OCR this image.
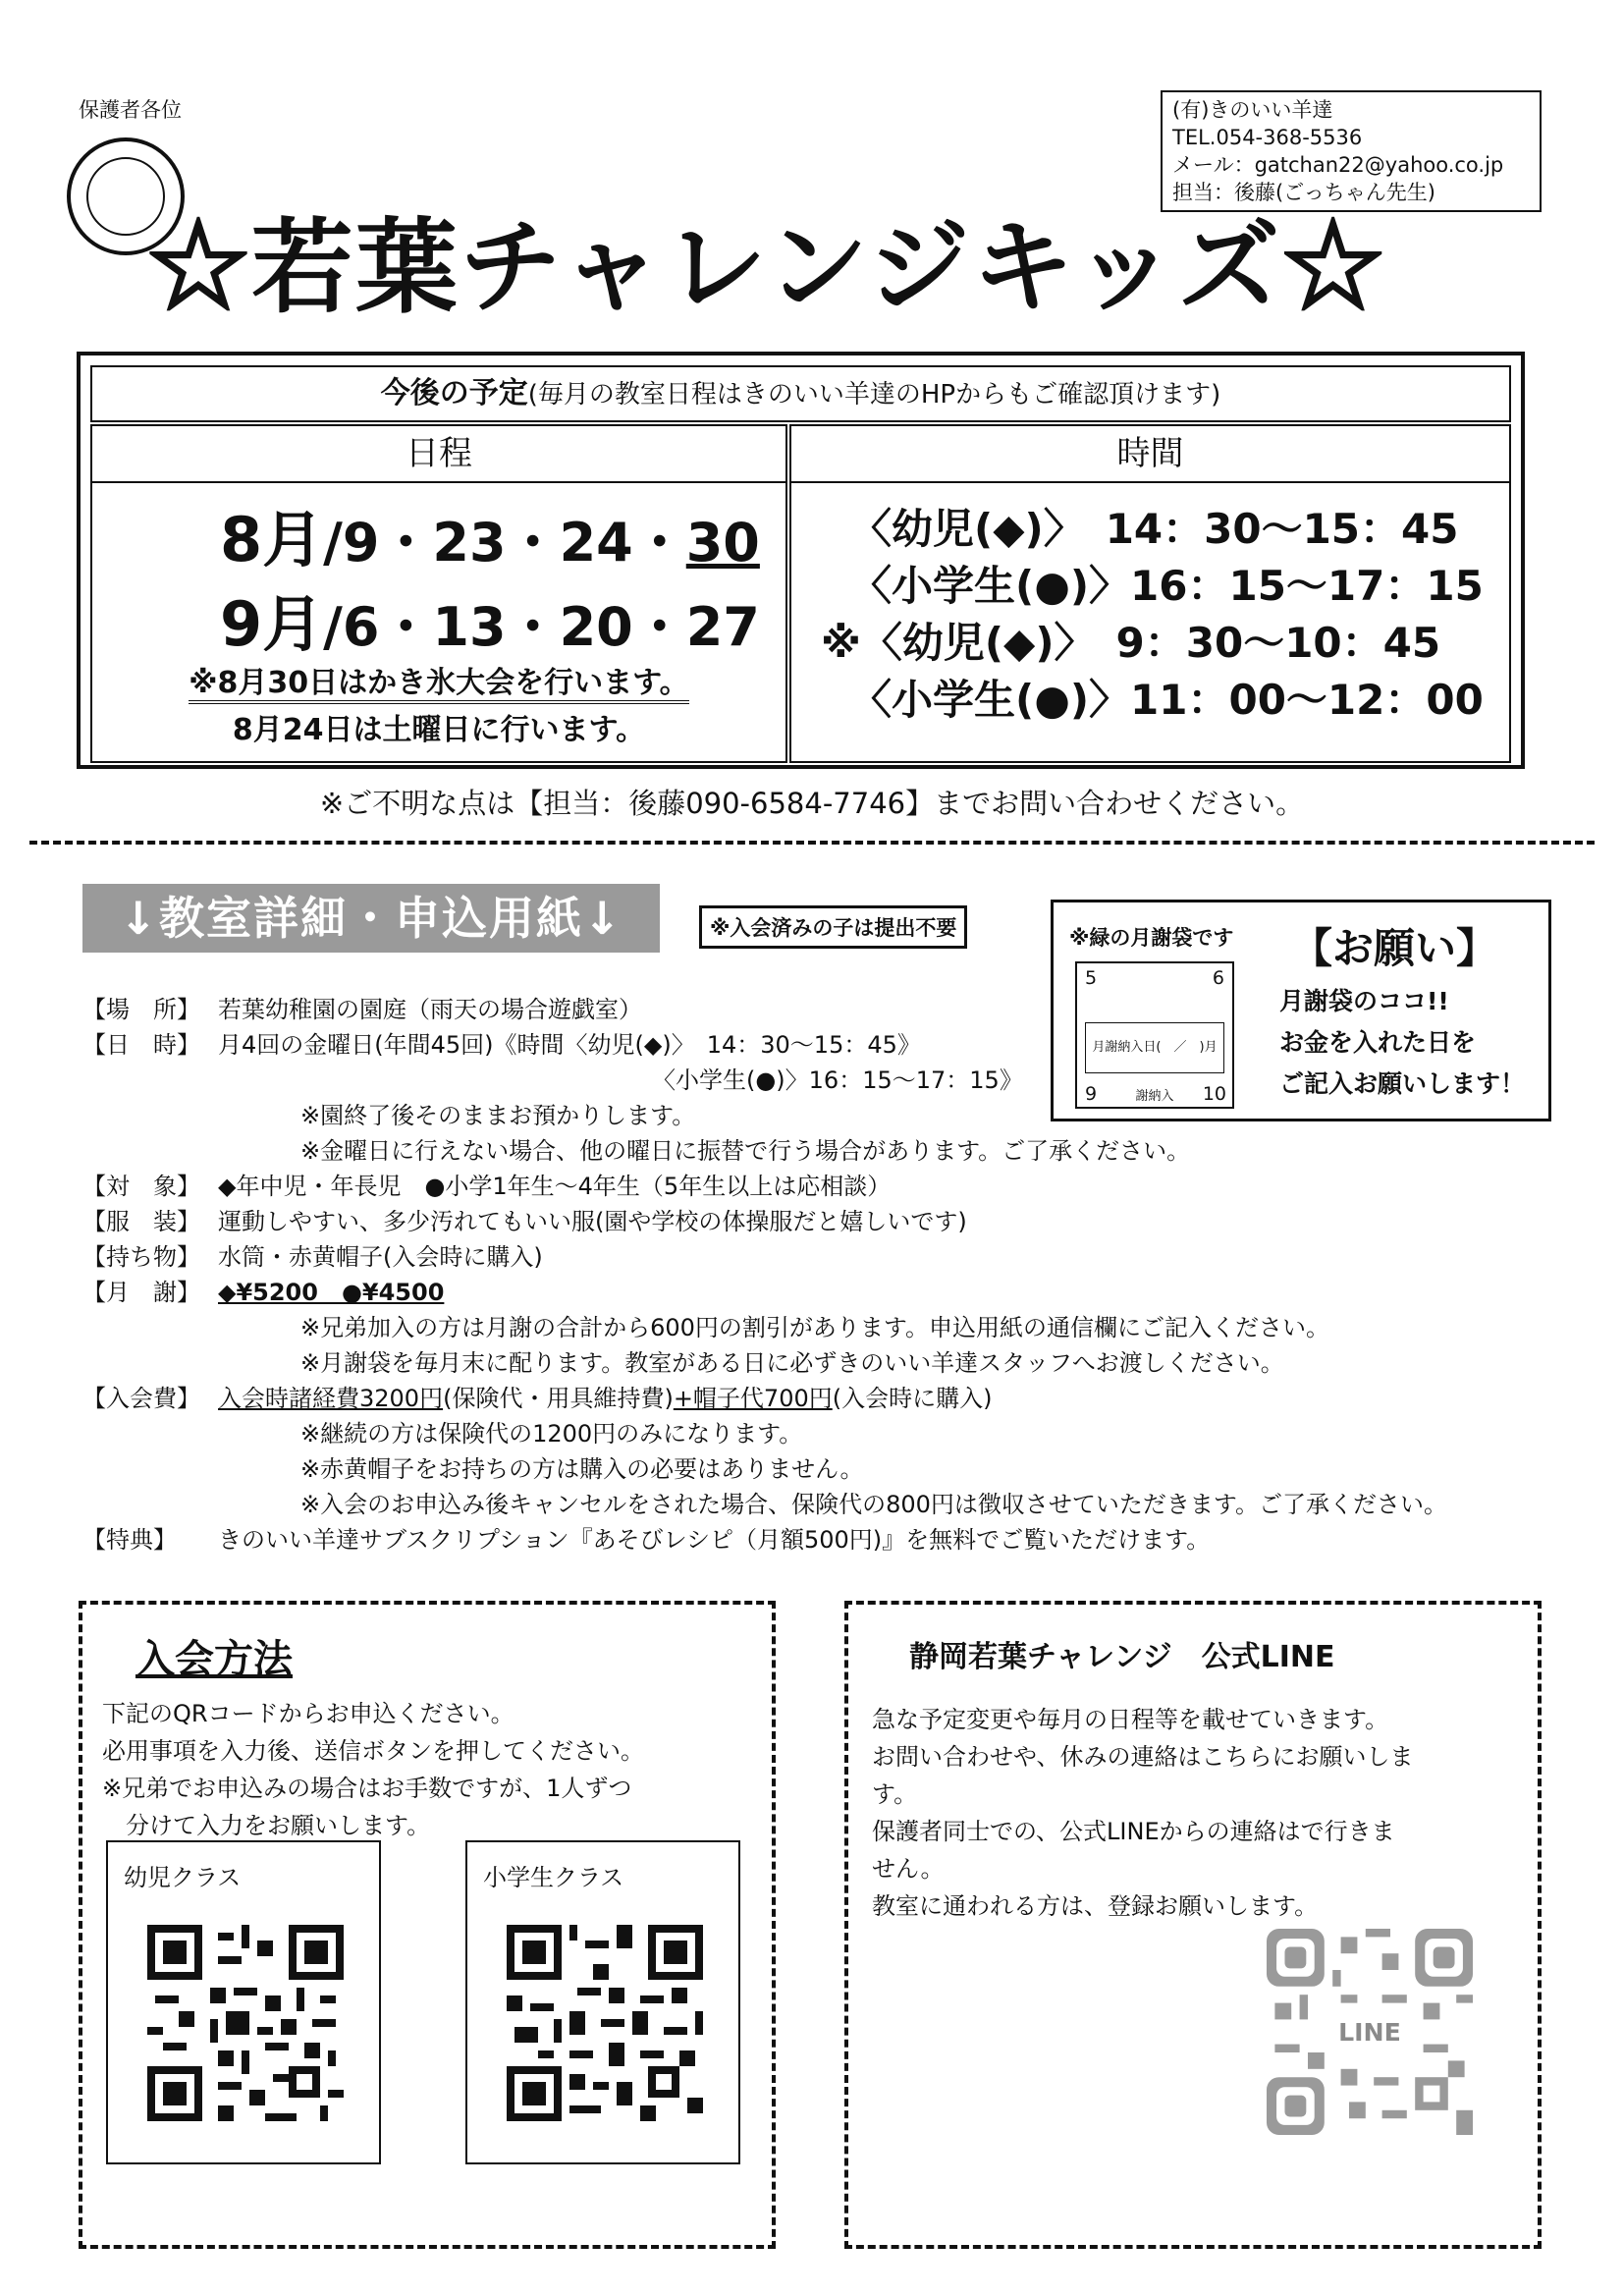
保護者各位	(有)きのいい羊達
TEL.054-368-5536
メール：gatchan22@yahoo.co.jp
担当：後藤(ごっちゃん先生)
☆若葉チャレンジキッズ☆
今後の予定(毎月の教室日程はきのいい羊達のHPからもご確認頂けます)
日程
8月/9・23・24・30
9月/6・13・20・27
※8月30日はかき氷大会を行います。
8月24日は土曜日に行います。
時間
〈幼児(◆)〉　14：30～15：45
〈小学生(●)〉16：15～17：15
※〈幼児(◆)〉　9：30～10：45
〈小学生(●)〉11：00～12：00
※ご不明な点は【担当：後藤090-6584-7746】までお問い合わせください。
↓教室詳細・申込用紙↓	※入会済みの子は提出不要	※緑の月謝袋です
5	6
月謝納入日(　／　)月謝納入
9	10
【お願い】
月謝袋のココ!!
お金を入れた日を
ご記入お願いします！
【場　所】 若葉幼稚園の園庭（雨天の場合遊戯室）
【日　時】 月4回の金曜日(年間45回)《時間〈幼児(◆)〉　14：30～15：45》
〈小学生(●)〉16：15～17：15》
※園終了後そのままお預かりします。
※金曜日に行えない場合、他の曜日に振替で行う場合があります。ご了承ください。
【対　象】 ◆年中児・年長児　●小学1年生～4年生（5年生以上は応相談）
【服　装】 運動しやすい、多少汚れてもいい服(園や学校の体操服だと嬉しいです)
【持ち物】 水筒・赤黄帽子(入会時に購入)
【月　謝】 ◆¥5200　●¥4500
※兄弟加入の方は月謝の合計から600円の割引があります。申込用紙の通信欄にご記入ください。
※月謝袋を毎月末に配ります。教室がある日に必ずきのいい羊達スタッフへお渡しください。
【入会費】 入会時諸経費3200円 (保険代・用具維持費) +帽子代700円 (入会時に購入)
※継続の方は保険代の1200円のみになります。
※赤黄帽子をお持ちの方は購入の必要はありません。
※入会のお申込み後キャンセルをされた場合、保険代の800円は徴収させていただきます。ご了承ください。
【特典】	きのいい羊達サブスクリプション『あそびレシピ（月額500円)』を無料でご覧いただけます。
入会方法
下記のQRコードからお申込ください。
必用事項を入力後、送信ボタンを押してください。
※兄弟でお申込みの場合はお手数ですが、1人ずつ
　分けて入力をお願いします。
幼児クラス	小学生クラス
静岡若葉チャレンジ　公式LINE
急な予定変更や毎月の日程等を載せていきます。
お問い合わせや、休みの連絡はこちらにお願いしま
す。
保護者同士での、公式LINEからの連絡はで行きま
せん。
教室に通われる方は、登録お願いします。
LINE
